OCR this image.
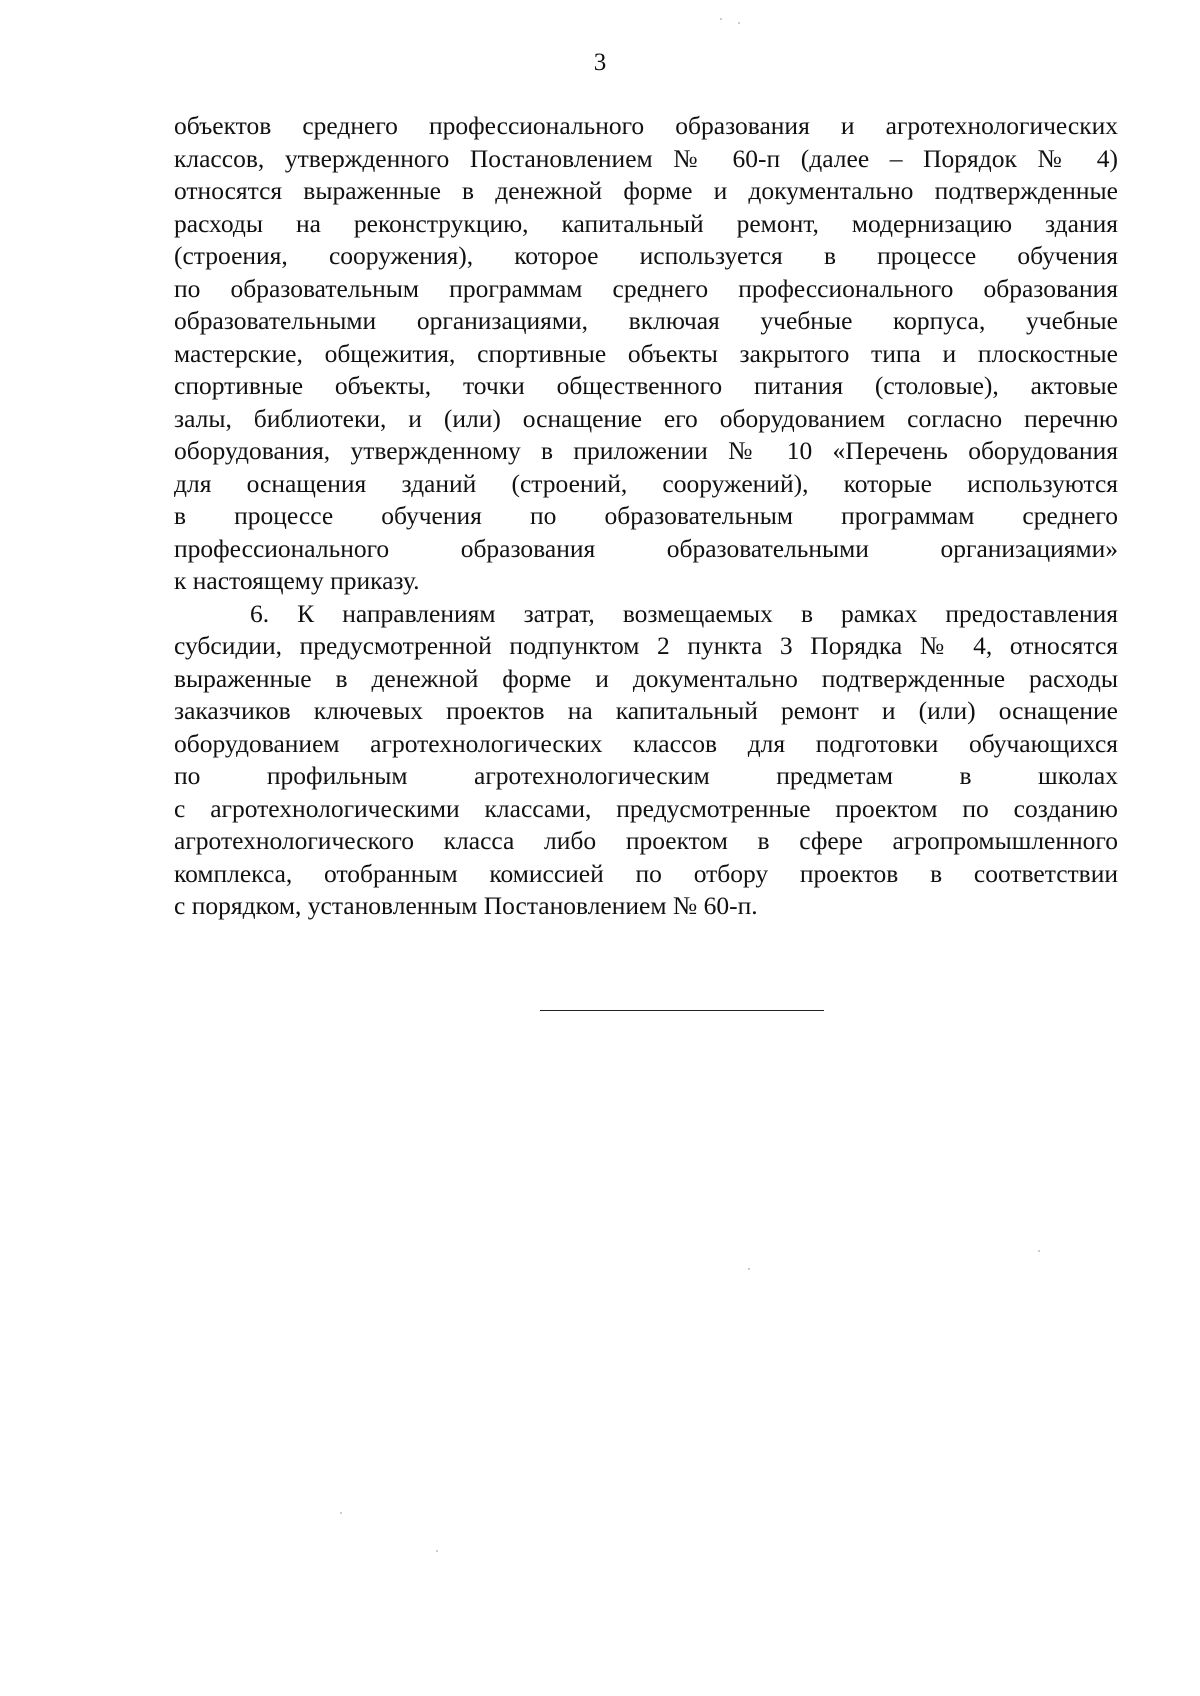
3
объектов среднего профессионального образования и агротехнологических
классов, утвержденного Постановлением № 60-п (далее – Порядок № 4)
относятся выраженные в денежной форме и документально подтвержденные
расходы на реконструкцию, капитальный ремонт, модернизацию здания
(строения, сооружения), которое используется в процессе обучения
по образовательным программам среднего профессионального образования
образовательными организациями, включая учебные корпуса, учебные
мастерские, общежития, спортивные объекты закрытого типа и плоскостные
спортивные объекты, точки общественного питания (столовые), актовые
залы, библиотеки, и (или) оснащение его оборудованием согласно перечню
оборудования, утвержденному в приложении № 10 «Перечень оборудования
для оснащения зданий (строений, сооружений), которые используются
в процессе обучения по образовательным программам среднего
профессионального образования образовательными организациями»
к настоящему приказу.
6. К направлениям затрат, возмещаемых в рамках предоставления
субсидии, предусмотренной подпунктом 2 пункта 3 Порядка № 4, относятся
выраженные в денежной форме и документально подтвержденные расходы
заказчиков ключевых проектов на капитальный ремонт и (или) оснащение
оборудованием агротехнологических классов для подготовки обучающихся
по профильным агротехнологическим предметам в школах
с агротехнологическими классами, предусмотренные проектом по созданию
агротехнологического класса либо проектом в сфере агропромышленного
комплекса, отобранным комиссией по отбору проектов в соответствии
с порядком, установленным Постановлением № 60-п.
